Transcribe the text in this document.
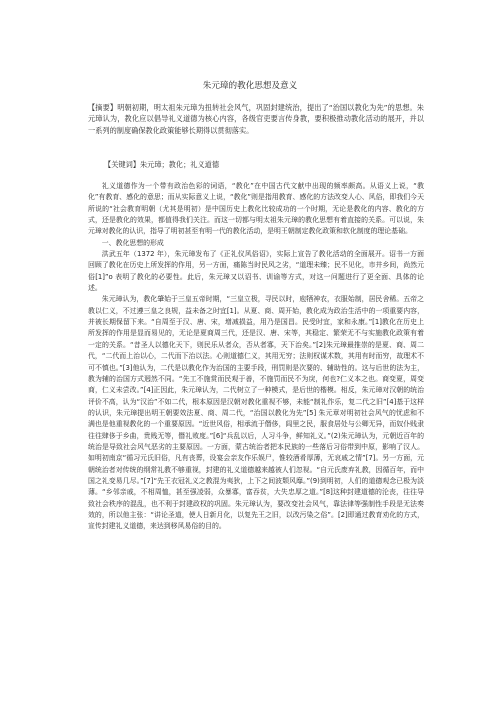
朱元璋的教化思想及意义
【摘要】明朝初期，明太祖朱元璋为扭转社会风气，巩固封建统治，提出了“治国以教化为先”的思想。朱元璋认为，教化应以倡导礼义道德为核心内容，各级官吏要言传身教，要积极推动教化活动的展开，并以一系列的制度确保教化政策能够长期得以贯彻落实。
【关键词】朱元璋；教化；礼义道德

礼义道德作为一个带有政治色彩的词语，“教化”在中国古代文献中出现的频率颇高。从语义上说，“教化”有教育、感化的意思；而从实际意义上说，“教化”则是指用教育、感化的方法改变人心、风俗，即我们今天所说的“社会教育明朝（尤其是明初）是中国历史上教化比较成功的一个时期，无论是教化的内容、教化的方式，还是教化的效果，都值得我们关注。而这一切都与明太祖朱元璋的教化思想有着直接的关系。可以说，朱元璋对教化的认识，指导了明初甚至有明一代的教化活动，是明王朝制定教化政策和软化制度的理论基础。

一、教化思想的形成

洪武五年（1372 年），朱元璋发布了《正礼仪风俗诏》，实际上宣告了教化活动的全面展开。诏书一方面回顾了教化在历史上所发挥的作用，另一方面，痛陈当时民风之劣，“道理未臻；民不见化，市井乡间，尚然元俗[1]”o 表明了教化的必要性。此后，朱元璋又以诏书、训谕等方式，对这一问题进行了更全面、具体的论述。

朱元璋认为，教化肇始于三皇五帝时期，“三皇立极，寻民以时，庖牺神农，衣服始制，居民舍稀。五帝之教以仁义，不过遵三皇之良规，益未备之时宜[1]。从夏、商、周开始，教化成为政治生活中的一项重要内容，并被长期保留下来。“自周至于汉、唐、宋，增减损益，用乃是国昌。民受时宜，家和永康。”[1]教化在历史上所发挥的作用是显而易见的，无论是夏商周三代，还是汉、唐、宋等，其稳定、繁荣无不与实施教化政策有着一定的关系。“昔圣人以德化天下，则民乐从者众，否从者寡，天下治矣。”[2]朱元璋最推崇的是夏、商、周二代，“二代而上治以心，二代而下治以法。心则道德仁义，其用无穷；法则权谋术数，其用有时而穷，故理术不可不慎也。”[3]他认为，二代是以教化作为治国的主要手段，刑罚则是次要的、辅助性的。这与后世的法为主，教为辅的治国方式迥然不同。“先工不施赏而民观于善，不施罚而民不为戾，何也?仁义本之也。商变夏，周变商，仁义未尝改。”[4]正因此，朱元璋认为，二代树立了一种模式，是后世的楷模。相反，朱元璋对汉朝的统治评价不高，认为“汉治”不如二代，根本原因是汉朝对教化重视不够，未能“制礼作乐，复二代之旧”[4]基于这样的认识，朱元璋提出明王朝要效法夏、商、周二代，“治国以教化为先”[5] 朱元章对明初社会风气的忧虑和不满也是他重视教化的一个重要原因。“近世风俗，相承流于僭侈，闾里之民，服食居处与公卿无异，而奴仆贱隶往往肆侈于乡曲，贵贱无等，僭礼败度。”[6]“兵乱以后，人习斗争，鲜知礼义。”(2)朱元璋认为，元朝近百年的统治是导致社会风气恶劣的主要原因。一方面，蒙古统治者把本民族的一些落后习俗带到中原，影响了汉人。如明初南京“循习元氏旧俗，凡有丧葬，设宴会亲友作乐娱尸，惟较酒肴厚薄，无哀戚之情”[7]。另一方面，元朝统治者对传统的纲常礼教不够重视，封建的礼义道德越来越被人们忽视。“自元氏废弃礼教，因循百年，而中国之礼变易几尽。”[7]“先王衣冠礼义之教混为夷狄，上下之间波颓风靡。”(9)到明初，人们的道德观念已极为淡薄。“乡邻亲戚，不相周恤，甚至强凌弱，众暴寡，富吞贫，大失忠厚之道。”[8]这种封建道德的沦丧，往往导致社会秩序的混乱，也不利于封建政权的巩固。朱元璋认为，要改变社会风气，靠法律等强制性手段是无法奏效的，所以他主张：“讲论圣道，使人日新月化，以复先王之旧，以改污染之俗”。[2]即通过教育劝化的方式，宣传封建礼义道德，来达到移风易俗的目的。
